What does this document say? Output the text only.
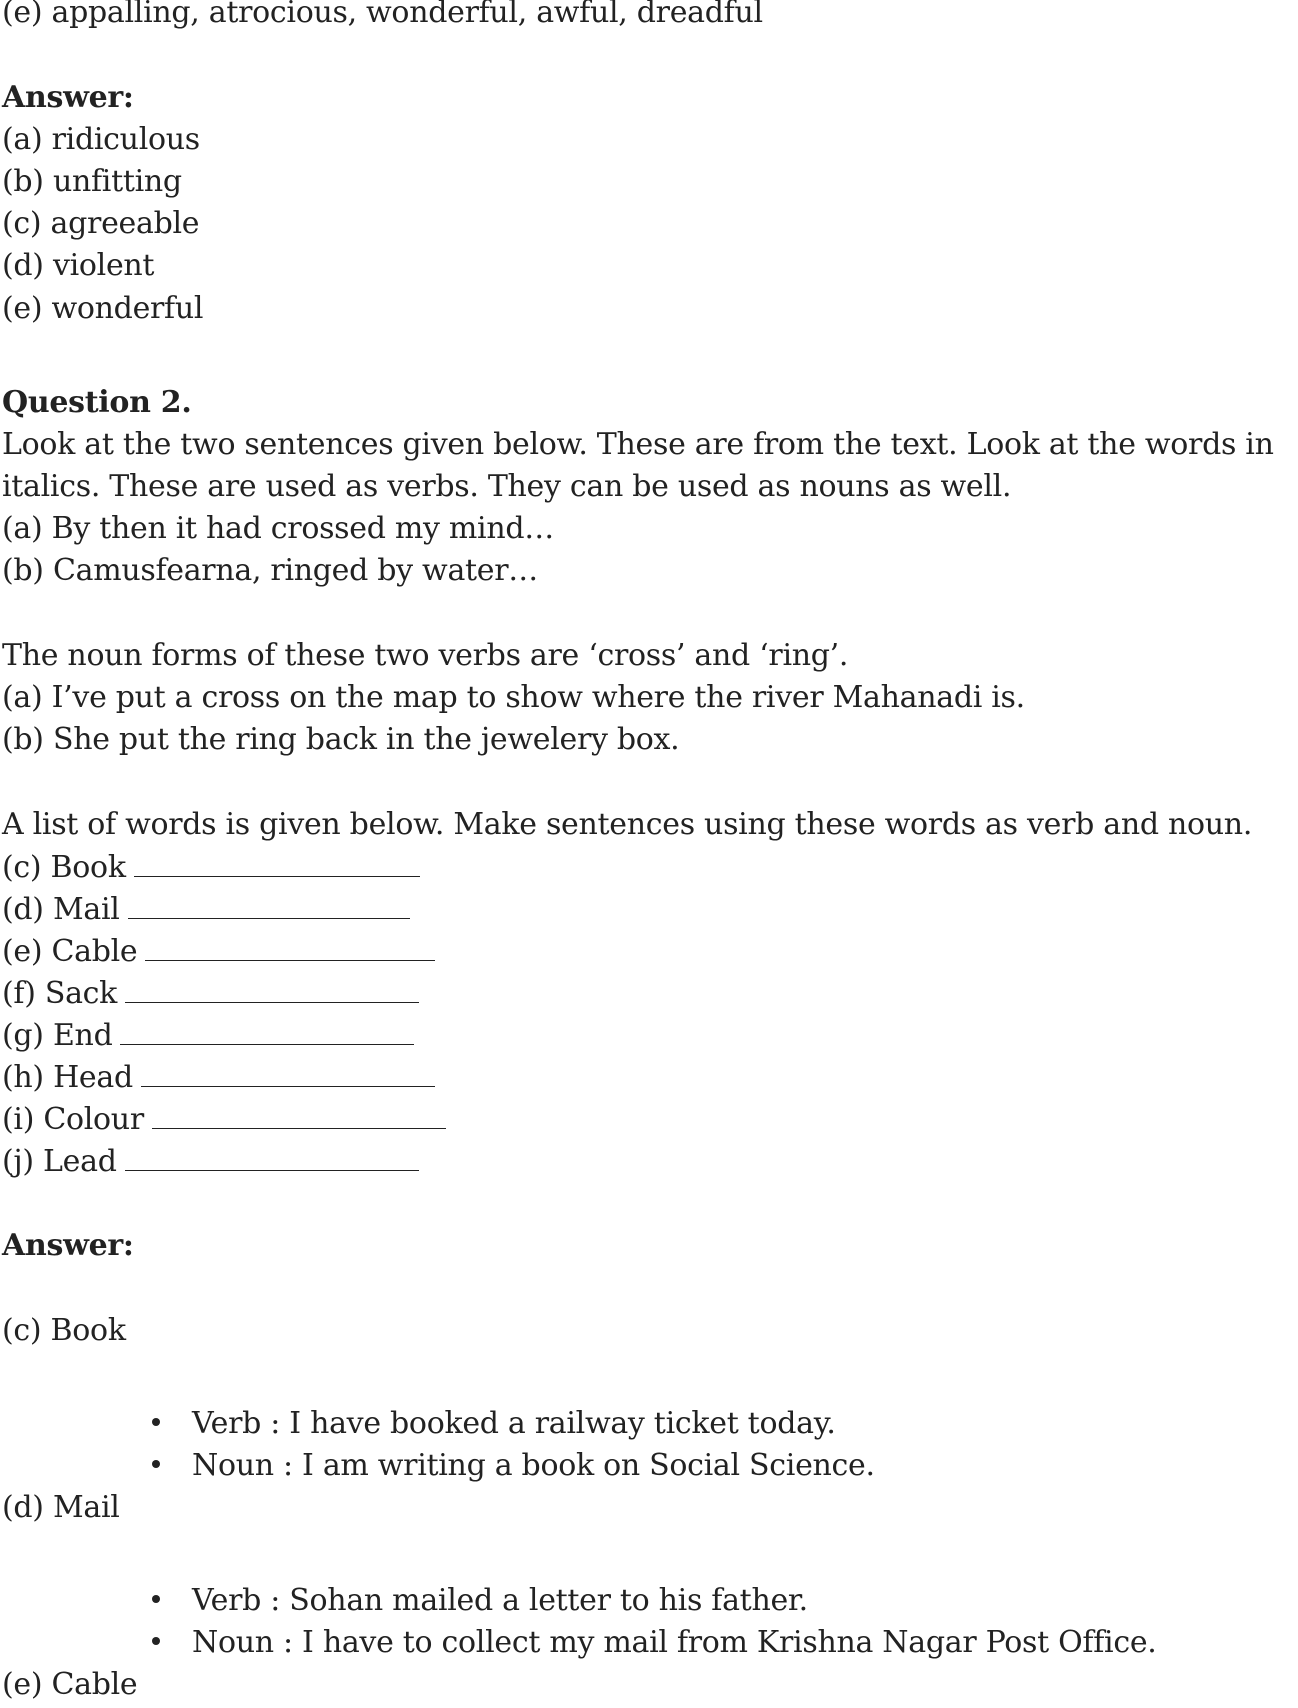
(e) appalling, atrocious, wonderful, awful, dreadful
Answer:
(a) ridiculous
(b) unfitting
(c) agreeable
(d) violent
(e) wonderful
Question 2.
Look at the two sentences given below. These are from the text. Look at the words in
italics. These are used as verbs. They can be used as nouns as well.
(a) By then it had crossed my mind…
(b) Camusfearna, ringed by water…
The noun forms of these two verbs are ‘cross’ and ‘ring’.
(a) I’ve put a cross on the map to show where the river Mahanadi is.
(b) She put the ring back in the jewelery box.
A list of words is given below. Make sentences using these words as verb and noun.
(c) Book
(d) Mail
(e) Cable
(f) Sack
(g) End
(h) Head
(i) Colour
(j) Lead
Answer:
(c) Book
Verb : I have booked a railway ticket today.
Noun : I am writing a book on Social Science.
(d) Mail
Verb : Sohan mailed a letter to his father.
Noun : I have to collect my mail from Krishna Nagar Post Office.
(e) Cable
